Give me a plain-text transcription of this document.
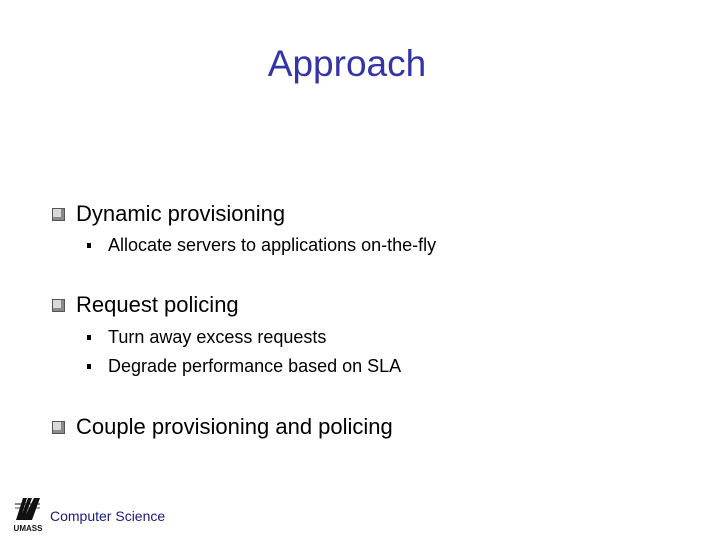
Approach
Dynamic provisioning
Allocate servers to applications on-the-fly
Request policing
Turn away excess requests
Degrade performance based on SLA
Couple provisioning and policing
UMASS
Computer Science
